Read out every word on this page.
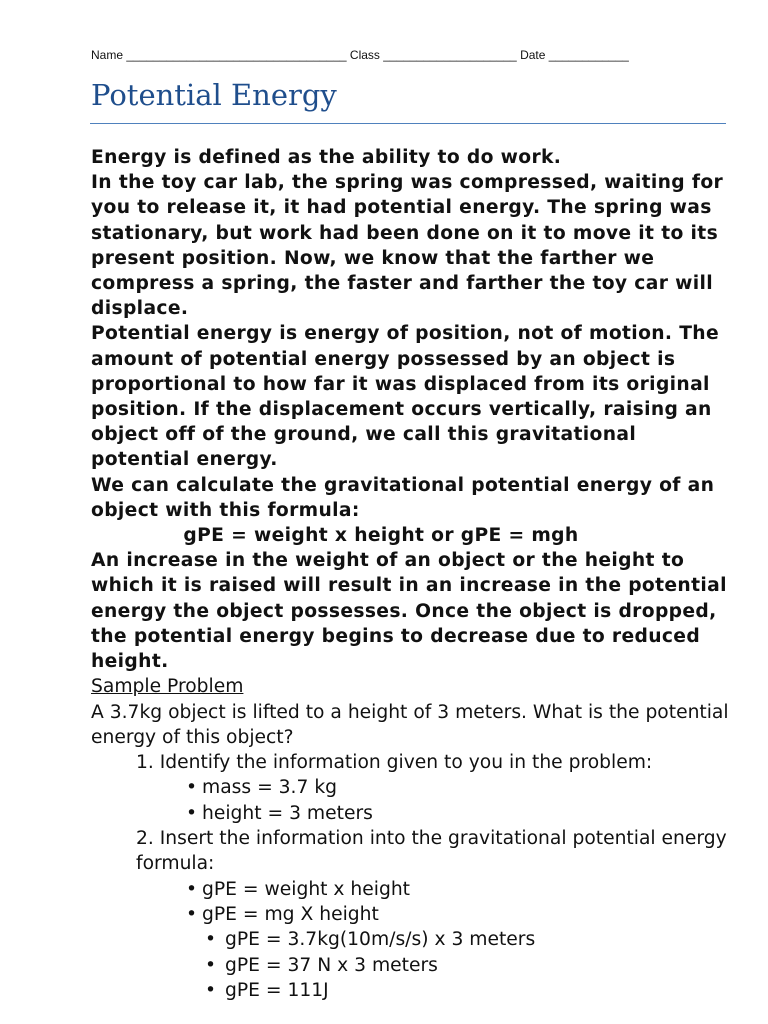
Name _________________________________ Class ____________________ Date ____________
Potential Energy

Energy is defined as the ability to do work.

In the toy car lab, the spring was compressed, waiting for you to release it, it had potential energy. The spring was stationary, but work had been done on it to move it to its present position. Now, we know that the farther we compress a spring, the faster and farther the toy car will displace.

Potential energy is energy of position, not of motion. The amount of potential energy possessed by an object is proportional to how far it was displaced from its original position. If the displacement occurs vertically, raising an object off of the ground, we call this gravitational potential energy.

We can calculate the gravitational potential energy of an object with this formula:

gPE = weight x height or gPE = mgh

An increase in the weight of an object or the height to which it is raised will result in an increase in the potential energy the object possesses. Once the object is dropped, the potential energy begins to decrease due to reduced height.

Sample Problem

A 3.7kg object is lifted to a height of 3 meters. What is the potential energy of this object?

1. Identify the information given to you in the problem:

• mass = 3.7 kg
• height = 3 meters

2. Insert the information into the gravitational potential energy formula:

• gPE = weight x height
• gPE = mg X height
• gPE = 3.7kg(10m/s/s) x 3 meters
• gPE = 37 N x 3 meters
• gPE = 111J
